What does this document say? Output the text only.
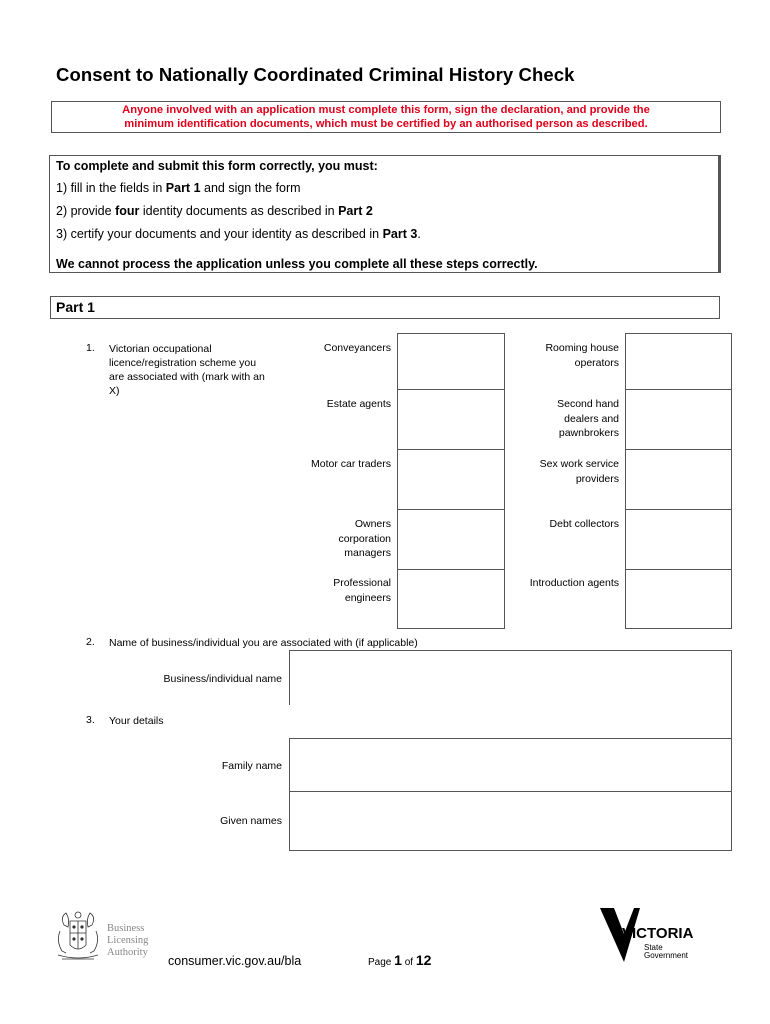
Consent to Nationally Coordinated Criminal History Check
Anyone involved with an application must complete this form, sign the declaration, and provide the
minimum identification documents, which must be certified by an authorised person as described.
To complete and submit this form correctly, you must:
1) fill in the fields in Part 1 and sign the form
2) provide four identity documents as described in Part 2
3) certify your documents and your identity as described in Part 3.
We cannot process the application unless you complete all these steps correctly.
Part 1
1. Victorian occupational
licence/registration scheme you
are associated with (mark with an
X)
Conveyancers
Estate agents
Motor car traders
Owners
corporation
managers
Professional
engineers
Rooming house
operators
Second hand
dealers and
pawnbrokers
Sex work service
providers
Debt collectors
Introduction agents
2. Name of business/individual you are associated with (if applicable)
Business/individual name
3. Your details
Family name
Given names
Business
Licensing
Authority
consumer.vic.gov.au/bla	Page 1 of 12
VICTORIA
State
Government
